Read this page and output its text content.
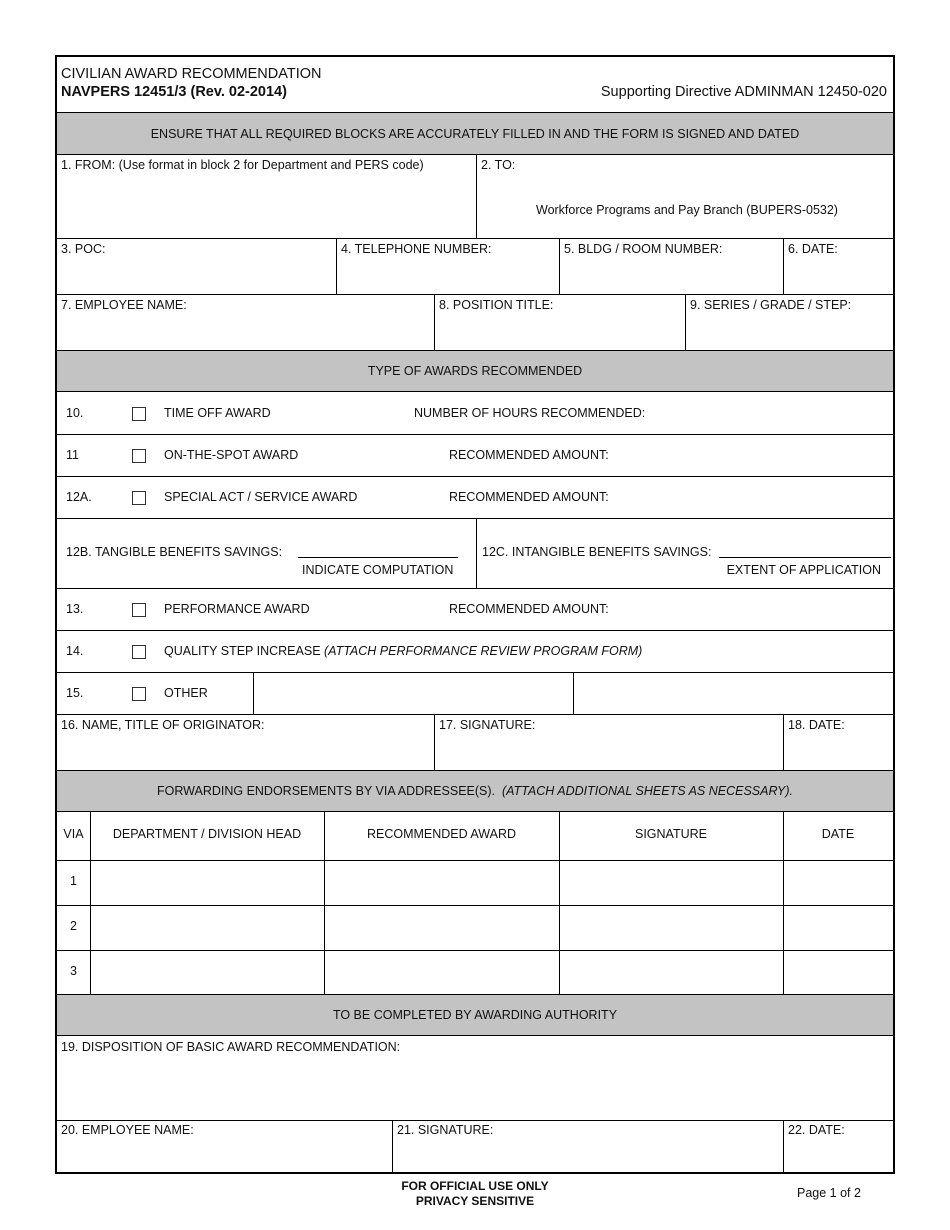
CIVILIAN AWARD RECOMMENDATION
NAVPERS 12451/3 (Rev. 02-2014)	Supporting Directive ADMINMAN 12450-020
ENSURE THAT ALL REQUIRED BLOCKS ARE ACCURATELY FILLED IN AND THE FORM IS SIGNED AND DATED
1. FROM: (Use format in block 2 for Department and PERS code)	2. TO:
Workforce Programs and Pay Branch (BUPERS-0532)
3. POC:	4. TELEPHONE NUMBER:	5. BLDG / ROOM NUMBER:	6. DATE:
7. EMPLOYEE NAME:	8. POSITION TITLE:	9. SERIES / GRADE / STEP:
TYPE OF AWARDS RECOMMENDED
10.	TIME OFF AWARD	NUMBER OF HOURS RECOMMENDED:
11	ON-THE-SPOT AWARD	RECOMMENDED AMOUNT:
12A.	SPECIAL ACT / SERVICE AWARD	RECOMMENDED AMOUNT:
12B. TANGIBLE BENEFITS SAVINGS:
INDICATE COMPUTATION
12C. INTANGIBLE BENEFITS SAVINGS:
EXTENT OF APPLICATION
13.	PERFORMANCE AWARD	RECOMMENDED AMOUNT:
14.	QUALITY STEP INCREASE (ATTACH PERFORMANCE REVIEW PROGRAM FORM)
15.	OTHER
16. NAME, TITLE OF ORIGINATOR:	17. SIGNATURE:	18. DATE:
FORWARDING ENDORSEMENTS BY VIA ADDRESSEE(S).
(ATTACH ADDITIONAL SHEETS AS NECESSARY).
VIA	DEPARTMENT / DIVISION HEAD	RECOMMENDED AWARD	SIGNATURE	DATE
1
2
3
TO BE COMPLETED BY AWARDING AUTHORITY
19. DISPOSITION OF BASIC AWARD RECOMMENDATION:
20. EMPLOYEE NAME:	21. SIGNATURE:	22. DATE:
FOR OFFICIAL USE ONLY
PRIVACY SENSITIVE
Page 1 of 2
